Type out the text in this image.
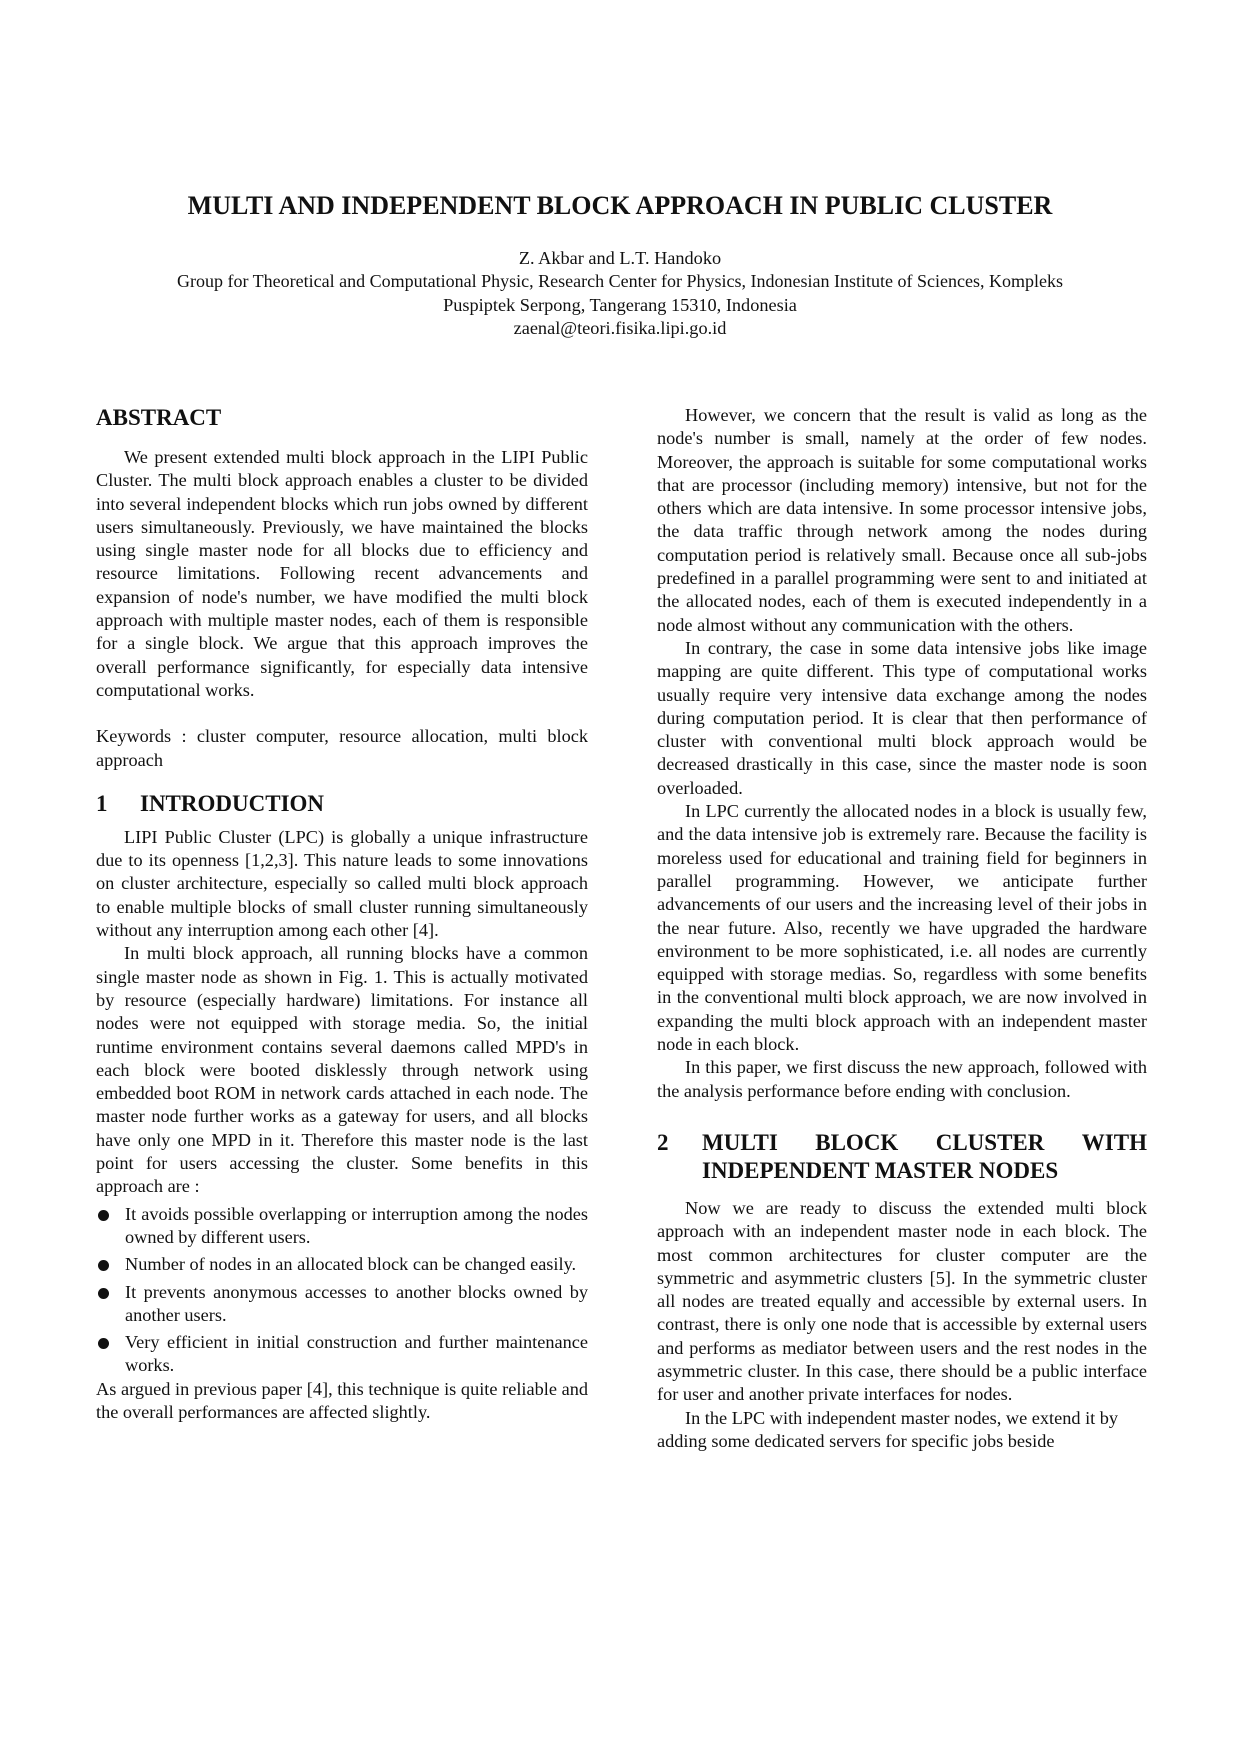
MULTI AND INDEPENDENT BLOCK APPROACH IN PUBLIC CLUSTER
Z. Akbar and L.T. Handoko
Group for Theoretical and Computational Physic, Research Center for Physics, Indonesian Institute of Sciences, Kompleks
Puspiptek Serpong, Tangerang 15310, Indonesia
zaenal@teori.fisika.lipi.go.id
ABSTRACT

We present extended multi block approach in the LIPI Public Cluster. The multi block approach enables a cluster to be divided into several independent blocks which run jobs owned by different users simultaneously. Previously, we have maintained the blocks using single master node for all blocks due to efficiency and resource limitations. Following recent advancements and expansion of node's number, we have modified the multi block approach with multiple master nodes, each of them is responsible for a single block. We argue that this approach improves the overall performance significantly, for especially data intensive computational works.

Keywords : cluster computer, resource allocation, multi block approach

1 INTRODUCTION

LIPI Public Cluster (LPC) is globally a unique infrastructure due to its openness [1,2,3]. This nature leads to some innovations on cluster architecture, especially so called multi block approach to enable multiple blocks of small cluster running simultaneously without any interruption among each other [4].

In multi block approach, all running blocks have a common single master node as shown in Fig. 1. This is actually motivated by resource (especially hardware) limitations. For instance all nodes were not equipped with storage media. So, the initial runtime environment contains several daemons called MPD's in each block were booted disklessly through network using embedded boot ROM in network cards attached in each node. The master node further works as a gateway for users, and all blocks have only one MPD in it. Therefore this master node is the last point for users accessing the cluster. Some benefits in this approach are :

It avoids possible overlapping or interruption among the nodes owned by different users.
Number of nodes in an allocated block can be changed easily.
It prevents anonymous accesses to another blocks owned by another users.
Very efficient in initial construction and further maintenance works.

As argued in previous paper [4], this technique is quite reliable and the overall performances are affected slightly.

However, we concern that the result is valid as long as the node's number is small, namely at the order of few nodes. Moreover, the approach is suitable for some computational works that are processor (including memory) intensive, but not for the others which are data intensive. In some processor intensive jobs, the data traffic through network among the nodes during computation period is relatively small. Because once all sub-jobs predefined in a parallel programming were sent to and initiated at the allocated nodes, each of them is executed independently in a node almost without any communication with the others.

In contrary, the case in some data intensive jobs like image mapping are quite different. This type of computational works usually require very intensive data exchange among the nodes during computation period. It is clear that then performance of cluster with conventional multi block approach would be decreased drastically in this case, since the master node is soon overloaded.

In LPC currently the allocated nodes in a block is usually few, and the data intensive job is extremely rare. Because the facility is moreless used for educational and training field for beginners in parallel programming. However, we anticipate further advancements of our users and the increasing level of their jobs in the near future. Also, recently we have upgraded the hardware environment to be more sophisticated, i.e. all nodes are currently equipped with storage medias. So, regardless with some benefits in the conventional multi block approach, we are now involved in expanding the multi block approach with an independent master node in each block.

In this paper, we first discuss the new approach, followed with the analysis performance before ending with conclusion.

2	MULTI BLOCK CLUSTER WITH
INDEPENDENT MASTER NODES

Now we are ready to discuss the extended multi block approach with an independent master node in each block. The most common architectures for cluster computer are the symmetric and asymmetric clusters [5]. In the symmetric cluster all nodes are treated equally and accessible by external users. In contrast, there is only one node that is accessible by external users and performs as mediator between users and the rest nodes in the asymmetric cluster. In this case, there should be a public interface for user and another private interfaces for nodes.

In the LPC with independent master nodes, we extend it by adding some dedicated servers for specific jobs beside
